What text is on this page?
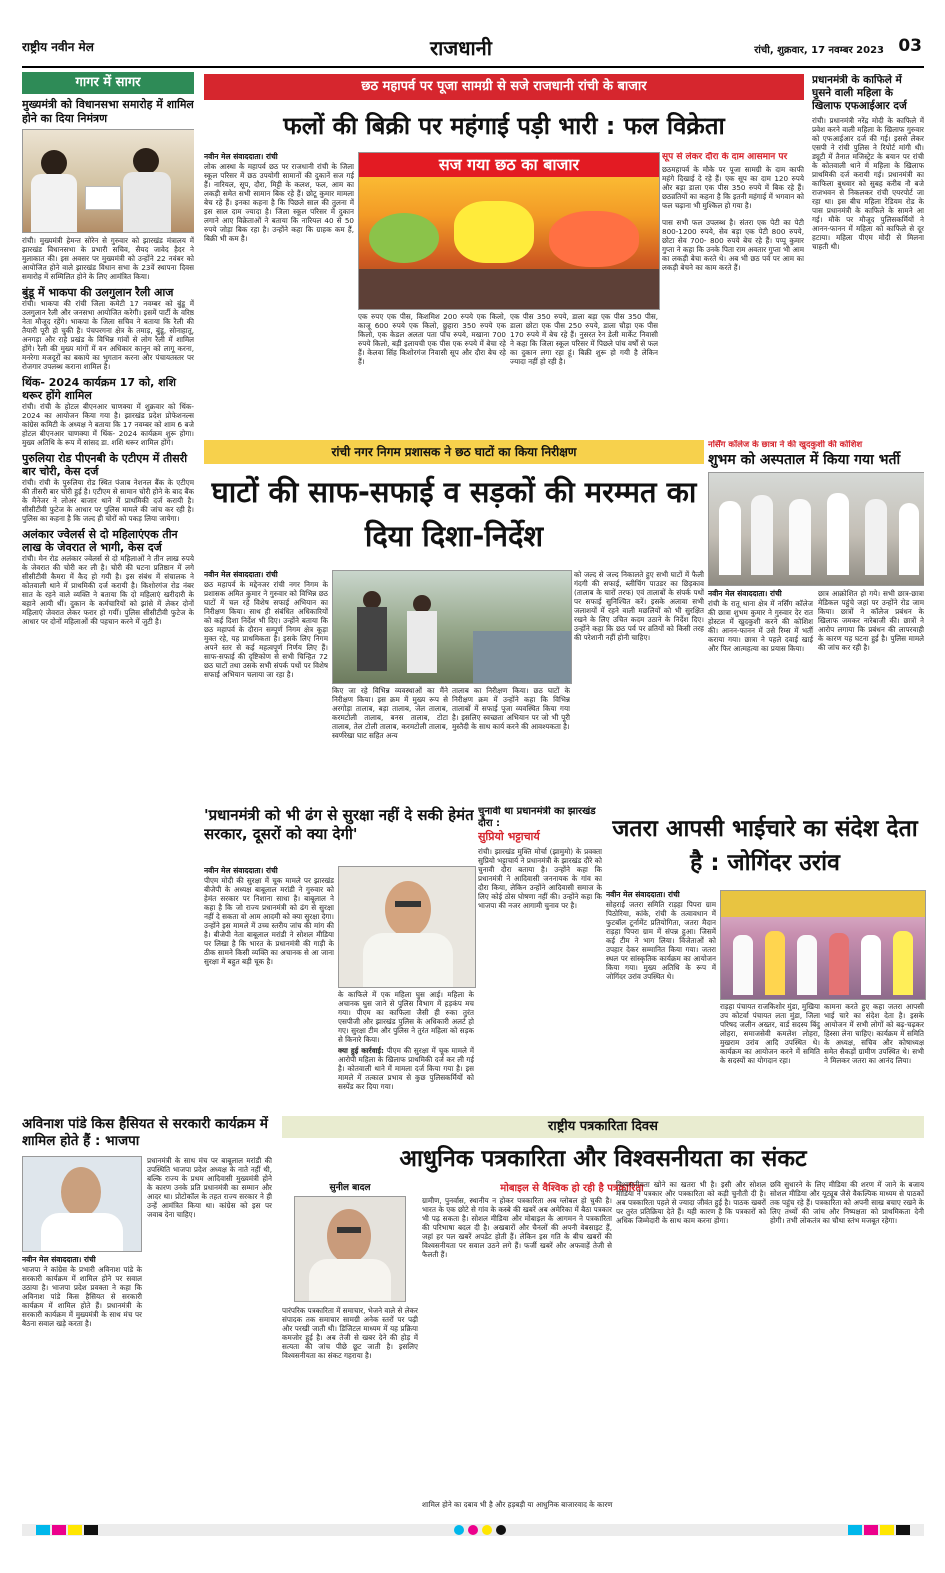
राष्ट्रीय नवीन मेल	राजधानी	रांची, शुक्रवार, 17 नवम्बर 2023 03
गागर में सागर
मुख्यमंत्री को विधानसभा समारोह में शामिल होने का दिया निमंत्रण
रांची। मुख्यमंत्री हेमन्त सोरेन से गुरुवार को झारखंड मंत्रालय में झारखंड विधानसभा के प्रभारी सचिव, सैयद जावेद हैदर ने मुलाकात की। इस अवसर पर मुख्यमंत्री को उन्होंने 22 नवंबर को आयोजित होने वाले झारखंड विधान सभा के 23वें स्थापना दिवस समारोह में सम्मिलित होने के लिए आमंत्रित किया।
बुंडू में भाकपा की उलगुलान रैली आज
रांची। भाकपा की रांची जिला कमेटी 17 नवम्बर को बुंडू में उलगुलान रैली और जनसभा आयोजित करेगी। इसमें पार्टी के वरिष्ठ नेता मौजूद रहेंगे। भाकपा के जिला सचिव ने बताया कि रैली की तैयारी पूरी हो चुकी है। पंचपरगना क्षेत्र के तमाड़, बुंडू, सोनाहातू, अनगड़ा और राहे प्रखंड के विभिन्न गांवों से लोग रैली में शामिल होंगे। रैली की मुख्य मांगों में वन अधिकार कानून को लागू करना, मनरेगा मजदूरों का बकाये का भुगतान करना और पंचायतस्तर पर रोजगार उपलब्ध कराना शामिल है।
थिंक- 2024 कार्यक्रम 17 को, शशि थरूर होंगे शामिल
रांची। रांची के होटल बीएनआर चाणक्या में शुक्रवार को थिंक- 2024 का आयोजन किया गया है। झारखंड प्रदेश प्रोफेशनल्स कांग्रेस कमिटी के अध्यक्ष ने बताया कि 17 नवम्बर को शाम 6 बजे होटल बीएनआर चाणक्या में थिंक- 2024 कार्यक्रम शुरू होगा। मुख्य अतिथि के रूप में सांसद डा. शशि थरूर शामिल होंगे।
पुरुलिया रोड पीएनबी के एटीएम में तीसरी बार चोरी, केस दर्ज
रांची। रांची के पुरुलिया रोड स्थित पंजाब नेशनल बैंक के एटीएम की तीसरी बार चोरी हुई है। एटीएम से सामान चोरी होने के बाद बैंक के मैनेजर ने लोअर बाजार थाने में प्राथमिकी दर्ज करायी है। सीसीटीवी फुटेज के आधार पर पुलिस मामले की जांच कर रही है। पुलिस का कहना है कि जल्द ही चोरों को पकड़ लिया जायेगा।
अलंकार ज्वेलर्स से दो महिलाएंएक तीन लाख के जेवरात ले भागी, केस दर्ज
रांची। मेन रोड अलंकार ज्वेलर्स से दो महिलाओं ने तीन लाख रुपये के जेवरात की चोरी कर ली है। चोरी की घटना प्रतिष्ठान में लगे सीसीटीवी कैमरा में कैद हो गयी है। इस संबंध में संचालक ने कोतवाली थाने में प्राथमिकी दर्ज करायी है। किशोरगंज रोड नंबर सात के रहने वाले व्यक्ति ने बताया कि दो महिलाएं खरीदारी के बहाने आयी थीं। दुकान के कर्मचारियों को झांसे में लेकर दोनों महिलाएं जेवरात लेकर फरार हो गयीं। पुलिस सीसीटीवी फुटेज के आधार पर दोनों महिलाओं की पहचान करने में जुटी है।
छठ महापर्व पर पूजा सामग्री से सजे राजधानी रांची के बाजार
फलों की बिक्री पर महंगाई पड़ी भारी : फल विक्रेता
नवीन मेल संवाददाता। रांची
लोक आस्था के महापर्व छठ पर राजधानी रांची के जिला स्कूल परिसर में छठ उपयोगी सामानों की दुकानें सज गई हैं। नारियल, सूप, दौरा, मिट्टी के कलश, फल, आम का लकड़ी समेत सभी सामान बिक रहे हैं। छोटू कुमार मामला बेच रहे हैं। इनका कहना है कि पिछले साल की तुलना में इस साल दाम ज्यादा है। जिला स्कूल परिसर में दुकान लगाने आए विक्रेताओं ने बताया कि नारियल 40 से 50 रुपये जोड़ा बिक रहा है। उन्होंने कहा कि ग्राहक कम हैं, बिक्री भी कम है।
सज गया छठ का बाजार
एक रुपए एक पीस, किशमिश 200 रुपये एक किलो, काजू 600 रुपये एक किलो, छुहारा 350 रुपये एक किलो, एक केडल अलता पता पाँच रुपये, मखाना 700 रुपये किलो, बड़ी इलायची एक पीस एक रुपये में बेचा रहे हैं। केलवा सिंह किशोरगंज निवासी सूप और दौरा बेच रहे हैं।
एक पीस 350 रुपये, डाला बड़ा एक पीस 350 पीस, डाला छोटा एक पीस 250 रुपये, डाला चौड़ा एक पीस 170 रुपये में बेच रहे हैं। नुसरत रेन डेली मार्केट निवासी ने कहा कि जिला स्कूल परिसर में पिछले पांच वर्षों से फल का दुकान लगा रहा हूं। बिक्री शुरू हो गयी है लेकिन ज्यादा नहीं हो रही है।
सूप से लेकर दौरा के दाम आसमान पर
छठमहापर्व के मौके पर पूजा सामग्री के दाम काफी महंगे दिखाई दे रहे हैं। एक सूप का दाम 120 रुपये और बड़ा डाला एक पीस 350 रुपये में बिक रहे हैं। छठव्रतियों का कहना है कि इतनी महंगाई में भगवान को फल चढ़ाना भी मुश्किल हो गया है।
पास सभी फल उपलब्ध है। संतरा एक पेटी का पेटी 800-1200 रुपये, सेव बड़ा एक पेटी 800 रुपये, छोटा सेव 700- 800 रुपये बेच रहे हैं। पप्पू कुमार गुप्ता ने कहा कि उनके पिता राम अवतार गुप्ता भी आम का लकड़ी बेचा करते थे। अब भी छठ पर्व पर आम का लकड़ी बेचने का काम करते हैं।
प्रधानमंत्री के काफिले में घुसने वाली महिला के खिलाफ एफआईआर दर्ज
रांची। प्रधानमंत्री नरेंद्र मोदी के काफिले में प्रवेश करने वाली महिला के खिलाफ गुरुवार को एफआईआर दर्ज की गई। इससे लेकर एसपी ने रांची पुलिस ने रिपोर्ट मांगी थी। ड्यूटी में तैनात मजिस्ट्रेट के बयान पर रांची के कोतवाली थाने में महिला के खिलाफ प्राथमिकी दर्ज करायी गई। प्रधानमंत्री का काफिला बुधवार को सुबह करीब नौ बजे राजभवन से निकलकर रांची एयरपोर्ट जा रहा था। इस बीच महिला रेडियम रोड के पास प्रधानमंत्री के काफिले के सामने आ गई। मौके पर मौजूद पुलिसकर्मियों ने आनन-फानन में महिला को काफिले से दूर हटाया। महिला पीएम मोदी से मिलना चाहती थी।
रांची नगर निगम प्रशासक ने छठ घाटों का किया निरीक्षण
घाटों की साफ-सफाई व सड़कों की मरम्मत का दिया दिशा-निर्देश
नवीन मेल संवाददाता। रांची
छठ महापर्व के मद्देनजर रांची नगर निगम के प्रशासक अमित कुमार ने गुरुवार को विभिन्न छठ घाटों में चल रहे विशेष सफाई अभियान का निरीक्षण किया। साथ ही संबंधित अधिकारियों को कई दिशा निर्देश भी दिए। उन्होंने बताया कि छठ महापर्व के दौरान सम्पूर्ण निगम क्षेत्र कूड़ा मुक्त रहे, यह प्राथमिकता है। इसके लिए निगम अपने स्तर से कई महत्वपूर्ण निर्णय लिए हैं। साफ-सफाई की दृष्टिकोण से सभी चिन्हित 72 छठ घाटों तथा उसके सभी संपर्क पथों पर विशेष सफाई अभियान चलाया जा रहा है।
किए जा रहे विभिन्न व्यवस्थाओं का मैंने निरीक्षण किया। इस क्रम में मुख्य रूप से अरगोड़ा तालाब, बड़ा तालाब, जेल तालाब, करमटोली तालाब, बनस तालाब, टोटा तालाब, तेल टोली तालाब, करमटोली तालाब, स्वर्णरेखा घाट सहित अन्य
तालाब का निरीक्षण किया। छठ घाटों के निरीक्षण क्रम में उन्होंने कहा कि विभिन्न तालाबों में सफाई पूजा व्यवस्थित किया गया है। इसलिए स्वच्छता अभियान पर जो भी पूरी मुस्तैदी के साथ कार्य करने की आवश्यकता है।
को जल्द से जल्द निकालते हुए सभी घाटों में फैली गंदगी की सफाई, ब्लीचिंग पाउडर का छिड़काव (तालाब के चारों तरफ) एवं तालाबों के संपर्क पथों पर सफाई सुनिश्चित करें। इसके अलावा सभी जलाशयों में रहने वाली मछलियों को भी सुरक्षित रखने के लिए उचित कदम उठाने के निर्देश दिए। उन्होंने कहा कि छठ पर्व पर व्रतियों को किसी तरह की परेशानी नहीं होनी चाहिए।
नर्सिंग कॉलेज के छात्रा ने की खुदकुशी की कोशिश
शुभम को अस्पताल में किया गया भर्ती
नवीन मेल संवाददाता। रांची
रांची के रातू थाना क्षेत्र में नर्सिंग कॉलेज की छात्रा शुभम कुमार ने गुरुवार देर रात होस्टल में खुदकुशी करने की कोशिश की। आनन-फानन में उसे रिम्स में भर्ती कराया गया। छात्रा ने पहले दवाई खाई और फिर आत्महत्या का प्रयास किया।
छात्र आक्रोशित हो गये। सभी छात्र-छात्रा मेडिकल पहुंचे जहां पर उन्होंने रोड जाम किया। छात्रों ने कॉलेज प्रबंधन के खिलाफ जमकर नारेबाजी की। छात्रों ने आरोप लगाया कि प्रबंधन की लापरवाही के कारण यह घटना हुई है। पुलिस मामले की जांच कर रही है।
'प्रधानमंत्री को भी ढंग से सुरक्षा नहीं दे सकी हेमंत सरकार, दूसरों को क्या देगी'
नवीन मेल संवाददाता। रांची
पीएम मोदी की सुरक्षा में चूक मामले पर झारखंड बीजेपी के अध्यक्ष बाबूलाल मरांडी ने गुरुवार को हेमंत सरकार पर निशाना साधा है। बाबूलाल ने कहा है कि जो राज्य प्रधानमंत्री को ढंग से सुरक्षा नहीं दे सकता वो आम आदमी को क्या सुरक्षा देगा। उन्होंने इस मामले में उच्च स्तरीय जांच की मांग की है। बीजेपी नेता बाबूलाल मरांडी ने सोशल मीडिया पर लिखा है कि भारत के प्रधानमंत्री की गाड़ी के ठीक सामने किसी व्यक्ति का अचानक से आ जाना सुरक्षा में बहुत बड़ी चूक है।
के काफिले में एक महिला घुस आई। महिला के अचानक घुस जाने से पुलिस विभाग में हड़कंप मच गया। पीएम का काफिला जैसी ही रुका तुरंत एसपीजी और झारखंड पुलिस के अधिकारी अलर्ट हो गए। सुरक्षा टीम और पुलिस ने तुरंत महिला को सड़क से किनारे किया।
क्या हुई कार्रवाई: पीएम की सुरक्षा में चूक मामले में आरोपी महिला के खिलाफ प्राथमिकी दर्ज कर ली गई है। कोतवाली थाने में मामला दर्ज किया गया है। इस मामले में तत्काल प्रभाव से कुछ पुलिसकर्मियों को सस्पेंड कर दिया गया।
चुनावी था प्रधानमंत्री का झारखंड दौरा :
सुप्रियो भट्टाचार्य
रांची। झारखंड मुक्ति मोर्चा (झामुमो) के प्रवक्ता सुप्रियो भट्टाचार्य ने प्रधानमंत्री के झारखंड दौरे को चुनावी दौरा बताया है। उन्होंने कहा कि प्रधानमंत्री ने आदिवासी जननायक के गांव का दौरा किया, लेकिन उन्होंने आदिवासी समाज के लिए कोई ठोस घोषणा नहीं की। उन्होंने कहा कि भाजपा की नजर आगामी चुनाव पर है।
जतरा आपसी भाईचारे का संदेश देता है : जोगिंदर उरांव
नवीन मेल संवाददाता। रांची
सोहराई जतरा समिति राड़हा पिपरा ग्राम पिठोरिया, कांके, रांची के तत्वावधान में फुटबॉल टूर्नामेंट प्रतियोगिता, जतरा मैदान राड़हा पिपरा ग्राम में संपन्न हुआ। जिसमें कई टीम ने भाग लिया। विजेताओं को उपहार देकर सम्मानित किया गया। जतरा स्थल पर सांस्कृतिक कार्यक्रम का आयोजन किया गया। मुख्य अतिथि के रूप में जोगिंदर उरांव उपस्थित थे।
राड़हा पंचायत राजकिशोर मुंडा, मुखिया उप कोटर्वा पंचायत लता मुंडा, जिला परिषद जलीन अख्तर, वार्ड सदस्य बिंदु लोहरा, समाजसेवी कमलेश लोहरा, मुखराम उरांव आदि उपस्थित थे। कार्यक्रम का आयोजन करने में समिति के सदस्यों का योगदान रहा।
कामना करते हुए कहा जतरा आपसी भाई चारे का संदेश देता है। इसके आयोजन में सभी लोगों को बढ़-चढ़कर हिस्सा लेना चाहिए। कार्यक्रम में समिति के अध्यक्ष, सचिव और कोषाध्यक्ष समेत सैकड़ों ग्रामीण उपस्थित थे। सभी ने मिलकर जतरा का आनंद लिया।
अविनाश पांडे किस हैसियत से सरकारी कार्यक्रम में शामिल होते हैं : भाजपा
नवीन मेल संवाददाता। रांची
भाजपा ने कांग्रेस के प्रभारी अविनाश पांडे के सरकारी कार्यक्रम में शामिल होने पर सवाल उठाया है। भाजपा प्रदेश प्रवक्ता ने कहा कि अविनाश पांडे किस हैसियत से सरकारी कार्यक्रम में शामिल होते हैं। प्रधानमंत्री के सरकारी कार्यक्रम में मुख्यमंत्री के साथ मंच पर बैठना सवाल खड़े करता है।
प्रधानमंत्री के साथ मंच पर बाबूलाल मरांडी की उपस्थिति भाजपा प्रदेश अध्यक्ष के नाते नहीं थी, बल्कि राज्य के प्रथम आदिवासी मुख्यमंत्री होने के कारण उनके प्रति प्रधानमंत्री का सम्मान और आदर था। प्रोटोकॉल के तहत राज्य सरकार ने ही उन्हें आमंत्रित किया था। कांग्रेस को इस पर जवाब देना चाहिए।
राष्ट्रीय पत्रकारिता दिवस
आधुनिक पत्रकारिता और विश्वसनीयता का संकट
सुनील बादल
पारंपरिक पत्रकारिता में समाचार, भेजने वाले से लेकर संपादक तक समाचार सामग्री अनेक स्तरों पर पढ़ी और परखी जाती थी। डिजिटल माध्यम में यह प्रक्रिया कमजोर हुई है। अब तेजी से खबर देने की होड़ में सत्यता की जांच पीछे छूट जाती है। इसलिए विश्वसनीयता का संकट गहराया है।
मोबाइल से वैश्विक हो रही है पत्रकारिता
ग्रामीण, पुनर्वास, स्थानीय न होकर पत्रकारिता अब ग्लोबल हो चुकी है। भारत के एक छोटे से गांव के कस्बे की खबरें अब अमेरिका में बैठा पत्रकार भी पढ़ सकता है। सोशल मीडिया और मोबाइल के आगमन ने पत्रकारिता की परिभाषा बदल दी है। अखबारों और चैनलों की अपनी वेबसाइट हैं, जहां हर पल खबरें अपडेट होती हैं। लेकिन इस गति के बीच खबरों की विश्वसनीयता पर सवाल उठने लगे हैं। फर्जी खबरें और अफवाहें तेजी से फैलती हैं।
विश्वसनीयता खोने का खतरा भी है। इसी और सोशल मीडिया ने पत्रकार और पत्रकारिता को कड़ी चुनौती दी है। अब पत्रकारिता पहले से ज्यादा जीवंत हुई है। पाठक खबरों पर तुरंत प्रतिक्रिया देते हैं। यही कारण है कि पत्रकारों को अधिक जिम्मेदारी के साथ काम करना होगा।
छवि सुधारने के लिए मीडिया की शरण में जाने के बजाय सोशल मीडिया और यूट्यूब जैसे वैकल्पिक माध्यम से पाठकों तक पहुंच रहे हैं। पत्रकारिता को अपनी साख बचाए रखने के लिए तथ्यों की जांच और निष्पक्षता को प्राथमिकता देनी होगी। तभी लोकतंत्र का चौथा स्तंभ मजबूत रहेगा।
शामिल होने का दबाव भी है और हड़बड़ी या आधुनिक बाजारवाद के कारण
